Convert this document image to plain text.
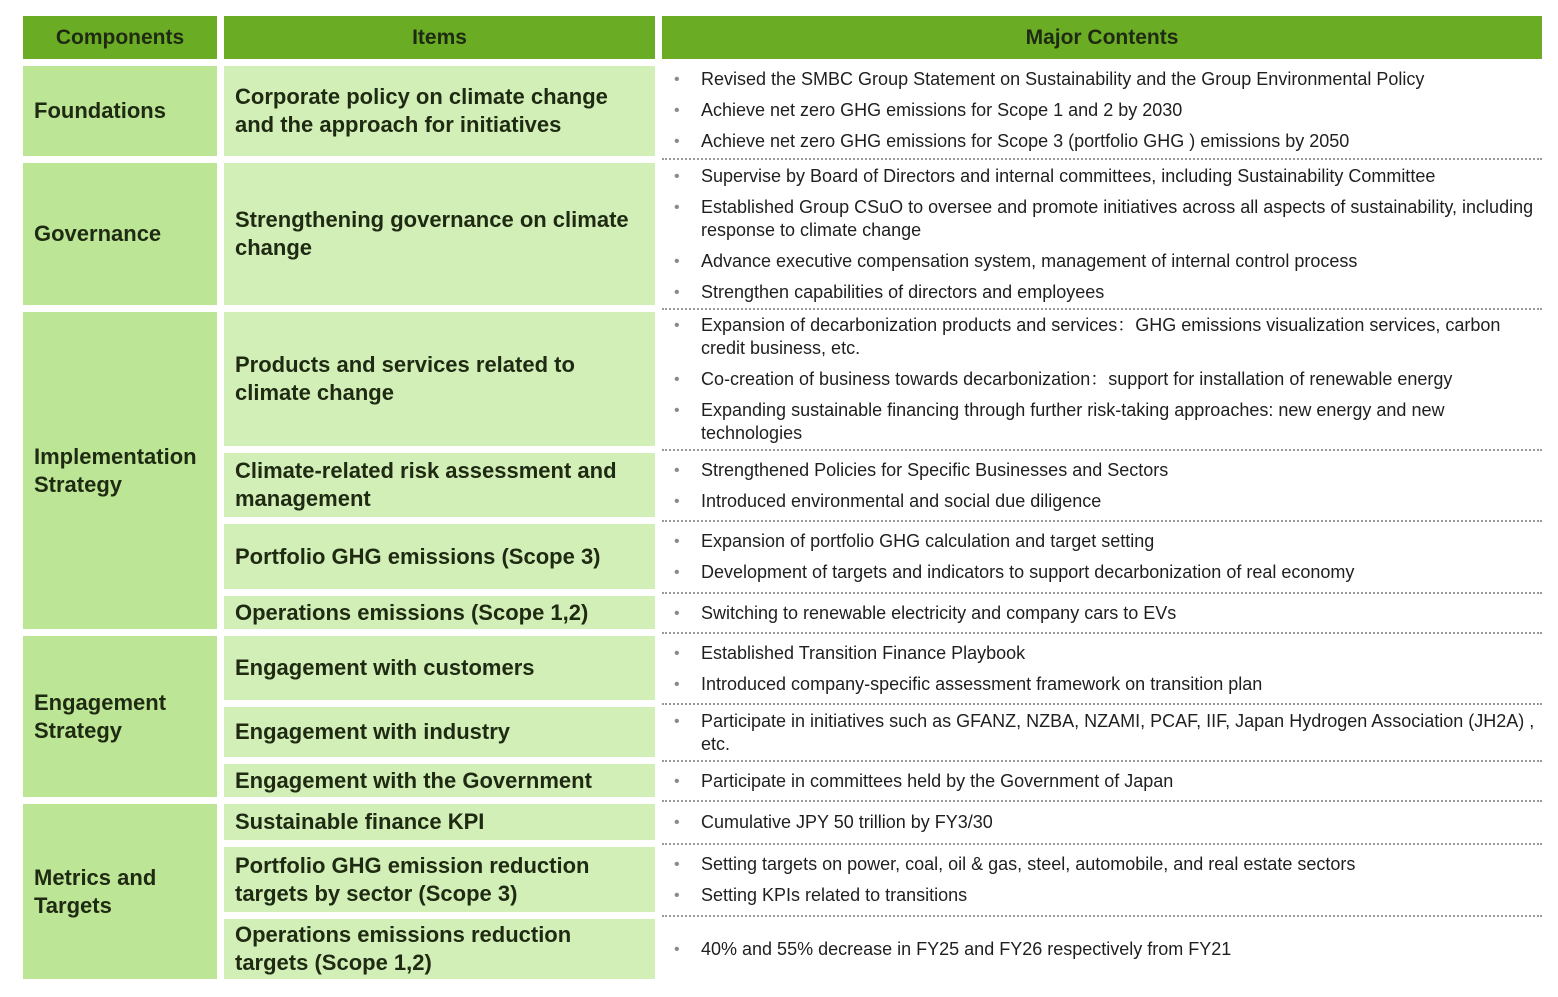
Components	Items	Major Contents
Foundations
Governance
Implementation Strategy
Engagement Strategy
Metrics and Targets
Corporate policy on climate change and the approach for initiatives
Strengthening governance on climate change
Products and services related to climate change
Climate-related risk assessment and management
Portfolio GHG emissions (Scope 3)
Operations emissions (Scope 1,2)
Engagement with customers
Engagement with industry
Engagement with the Government
Sustainable finance KPI
Portfolio GHG emission reduction targets by sector (Scope 3)
Operations emissions reduction targets (Scope 1,2)
• Revised the SMBC Group Statement on Sustainability and the Group Environmental Policy
• Achieve net zero GHG emissions for Scope 1 and 2 by 2030
• Achieve net zero GHG emissions for Scope 3 (portfolio GHG ) emissions by 2050
• Supervise by Board of Directors and internal committees, including Sustainability Committee
• Established Group CSuO to oversee and promote initiatives across all aspects of sustainability, including response to climate change
• Advance executive compensation system, management of internal control process
• Strengthen capabilities of directors and employees
• Expansion of decarbonization products and services：GHG emissions visualization services, carbon credit business, etc.
• Co-creation of business towards decarbonization：support for installation of renewable energy
• Expanding sustainable financing through further risk-taking approaches: new energy and new technologies
• Strengthened Policies for Specific Businesses and Sectors
• Introduced environmental and social due diligence
• Expansion of portfolio GHG calculation and target setting
• Development of targets and indicators to support decarbonization of real economy
• Switching to renewable electricity and company cars to EVs
• Established Transition Finance Playbook
• Introduced company-specific assessment framework on transition plan
• Participate in initiatives such as GFANZ, NZBA, NZAMI, PCAF, IIF, Japan Hydrogen Association (JH2A) , etc.
• Participate in committees held by the Government of Japan
• Cumulative JPY 50 trillion by FY3/30
• Setting targets on power, coal, oil & gas, steel, automobile, and real estate sectors
• Setting KPIs related to transitions
• 40% and 55% decrease in FY25 and FY26 respectively from FY21
